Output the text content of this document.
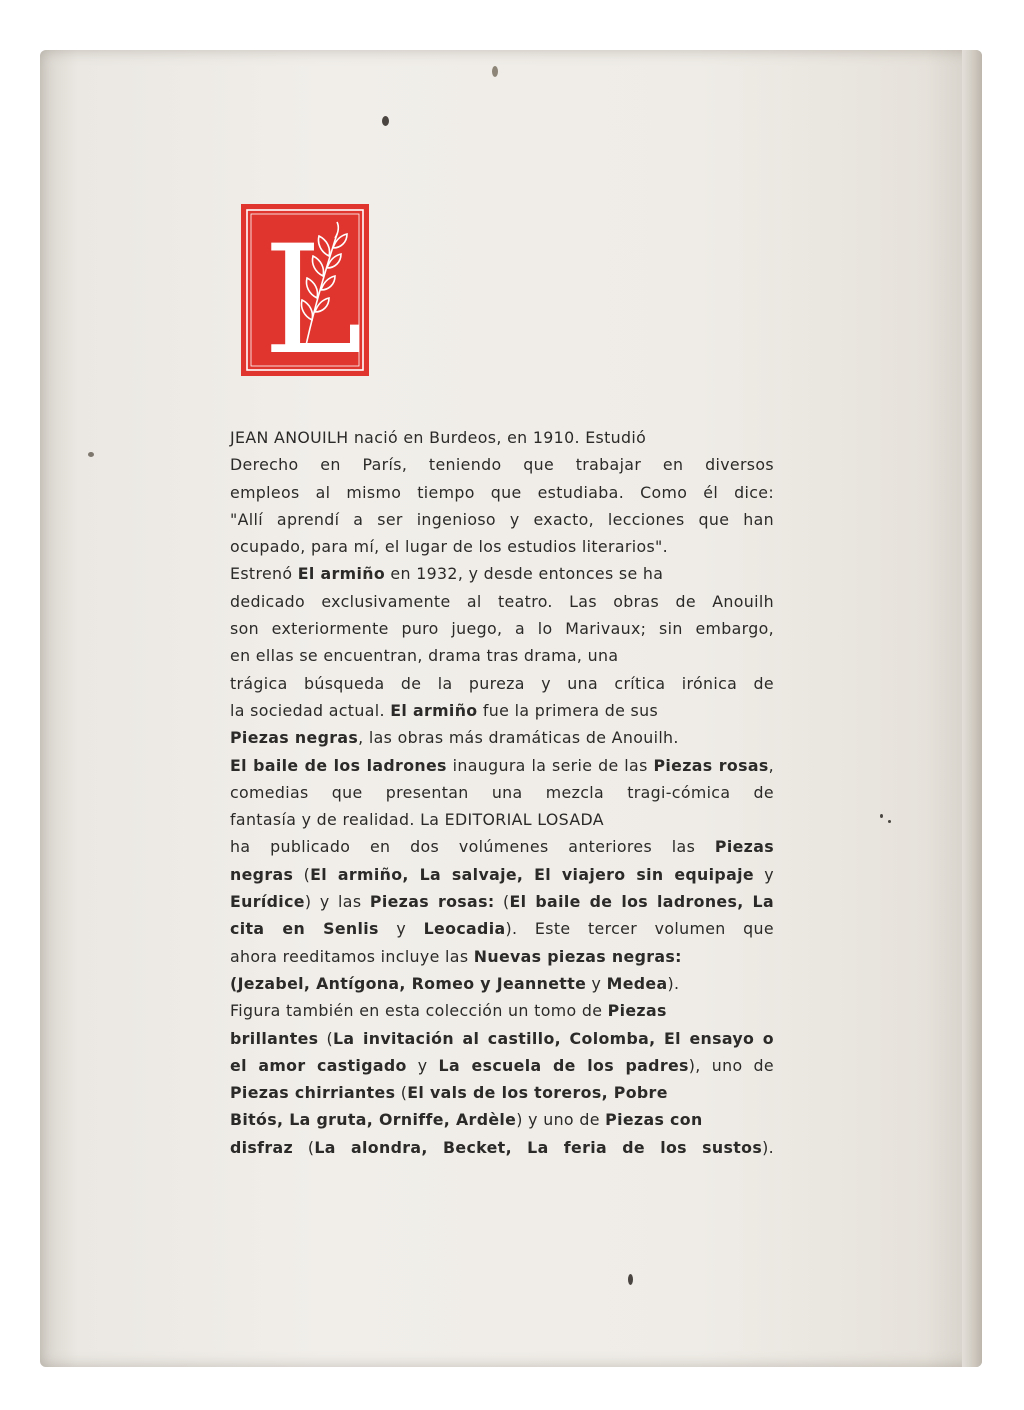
L
JEAN ANOUILH nació en Burdeos, en 1910. Estudió
Derecho en París, teniendo que trabajar en diversos
empleos al mismo tiempo que estudiaba. Como él dice:
"Allí aprendí a ser ingenioso y exacto, lecciones que han
ocupado, para mí, el lugar de los estudios literarios".
Estrenó El armiño en 1932, y desde entonces se ha
dedicado exclusivamente al teatro. Las obras de Anouilh
son exteriormente puro juego, a lo Marivaux; sin embargo,
en ellas se encuentran, drama tras drama, una
trágica búsqueda de la pureza y una crítica irónica de
la sociedad actual. El armiño fue la primera de sus
Piezas negras, las obras más dramáticas de Anouilh.
El baile de los ladrones inaugura la serie de las Piezas rosas,
comedias que presentan una mezcla tragi-cómica de
fantasía y de realidad. La EDITORIAL LOSADA
ha publicado en dos volúmenes anteriores las Piezas
negras (El armiño, La salvaje, El viajero sin equipaje y
Eurídice) y las Piezas rosas: (El baile de los ladrones, La
cita en Senlis y Leocadia). Este tercer volumen que
ahora reeditamos incluye las Nuevas piezas negras:
(Jezabel, Antígona, Romeo y Jeannette y Medea).
Figura también en esta colección un tomo de Piezas
brillantes (La invitación al castillo, Colomba, El ensayo o
el amor castigado y La escuela de los padres), uno de
Piezas chirriantes (El vals de los toreros, Pobre
Bitós, La gruta, Orniffe, Ardèle) y uno de Piezas con
disfraz (La alondra, Becket, La feria de los sustos).
